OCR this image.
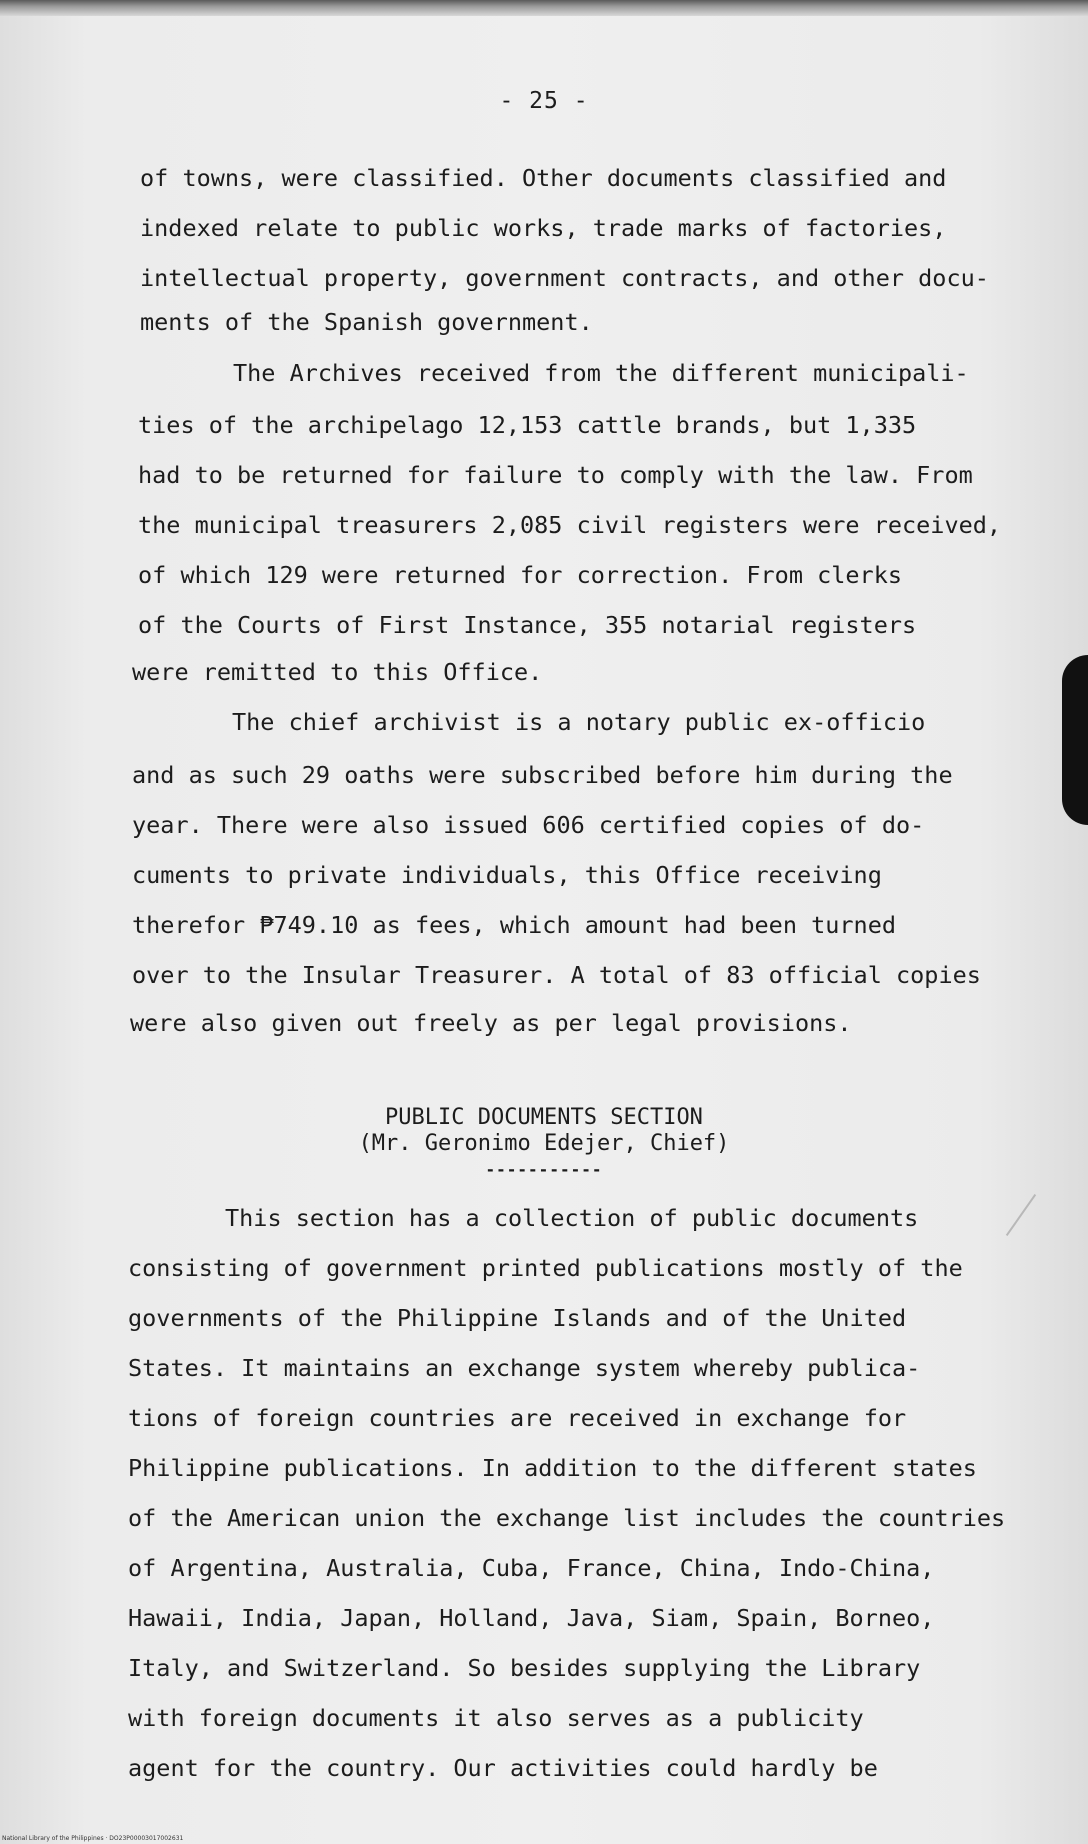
- 25 -
of towns, were classified. Other documents classified and
indexed relate to public works, trade marks of factories,
intellectual property, government contracts, and other docu-
ments of the Spanish government.
The Archives received from the different municipali-
ties of the archipelago 12,153 cattle brands, but 1,335
had to be returned for failure to comply with the law. From
the municipal treasurers 2,085 civil registers were received,
of which 129 were returned for correction. From clerks
of the Courts of First Instance, 355 notarial registers
were remitted to this Office.
The chief archivist is a notary public ex-officio
and as such 29 oaths were subscribed before him during the
year. There were also issued 606 certified copies of do-
cuments to private individuals, this Office receiving
therefor ₱749.10 as fees, which amount had been turned
over to the Insular Treasurer. A total of 83 official copies
were also given out freely as per legal provisions.
PUBLIC DOCUMENTS SECTION
(Mr. Geronimo Edejer, Chief)
-----------
This section has a collection of public documents
consisting of government printed publications mostly of the
governments of the Philippine Islands and of the United
States. It maintains an exchange system whereby publica-
tions of foreign countries are received in exchange for
Philippine publications. In addition to the different states
of the American union the exchange list includes the countries
of Argentina, Australia, Cuba, France, China, Indo-China,
Hawaii, India, Japan, Holland, Java, Siam, Spain, Borneo,
Italy, and Switzerland. So besides supplying the Library
with foreign documents it also serves as a publicity
agent for the country. Our activities could hardly be
National Library of the Philippines · DO23P00003017002631
